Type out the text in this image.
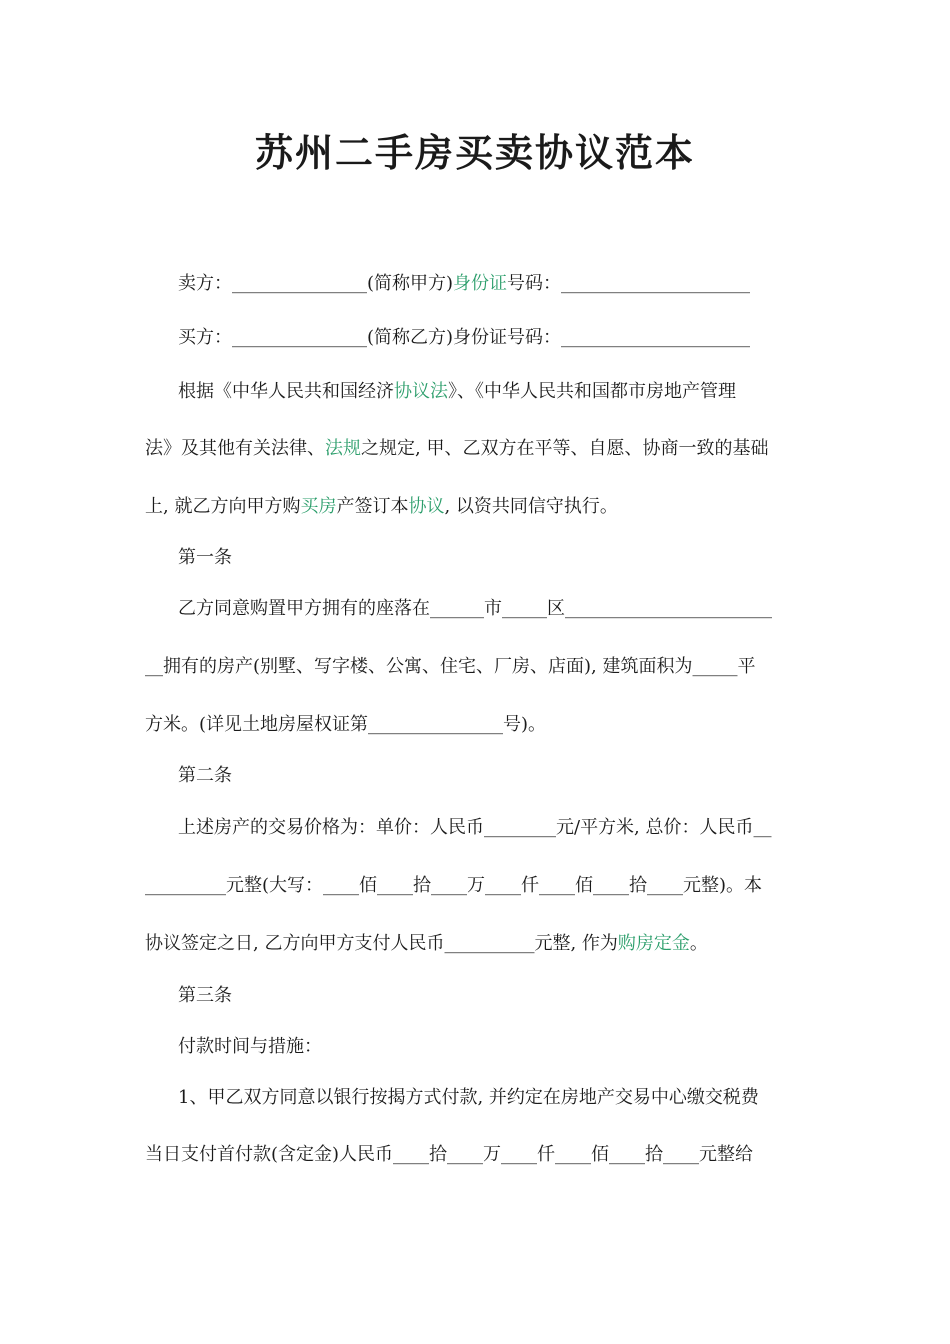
苏州二手房买卖协议范本

卖方：_______________(简称甲方)身份证号码：_____________________

买方：_______________(简称乙方)身份证号码：_____________________

根据《中华人民共和国经济协议法》、《中华人民共和国都市房地产管理

法》及其他有关法律、法规之规定, 甲、乙双方在平等、自愿、协商一致的基础

上, 就乙方向甲方购买房产签订本协议, 以资共同信守执行。

第一条

乙方同意购置甲方拥有的座落在______市_____区_______________________

__拥有的房产(别墅、写字楼、公寓、住宅、厂房、店面), 建筑面积为_____平

方米。(详见土地房屋权证第_______________号)。

第二条

上述房产的交易价格为：单价：人民币________元/平方米, 总价：人民币__

_________元整(大写：____佰____拾____万____仟____佰____拾____元整)。本

协议签定之日, 乙方向甲方支付人民币__________元整, 作为购房定金。

第三条

付款时间与措施：

1、甲乙双方同意以银行按揭方式付款, 并约定在房地产交易中心缴交税费

当日支付首付款(含定金)人民币____拾____万____仟____佰____拾____元整给
